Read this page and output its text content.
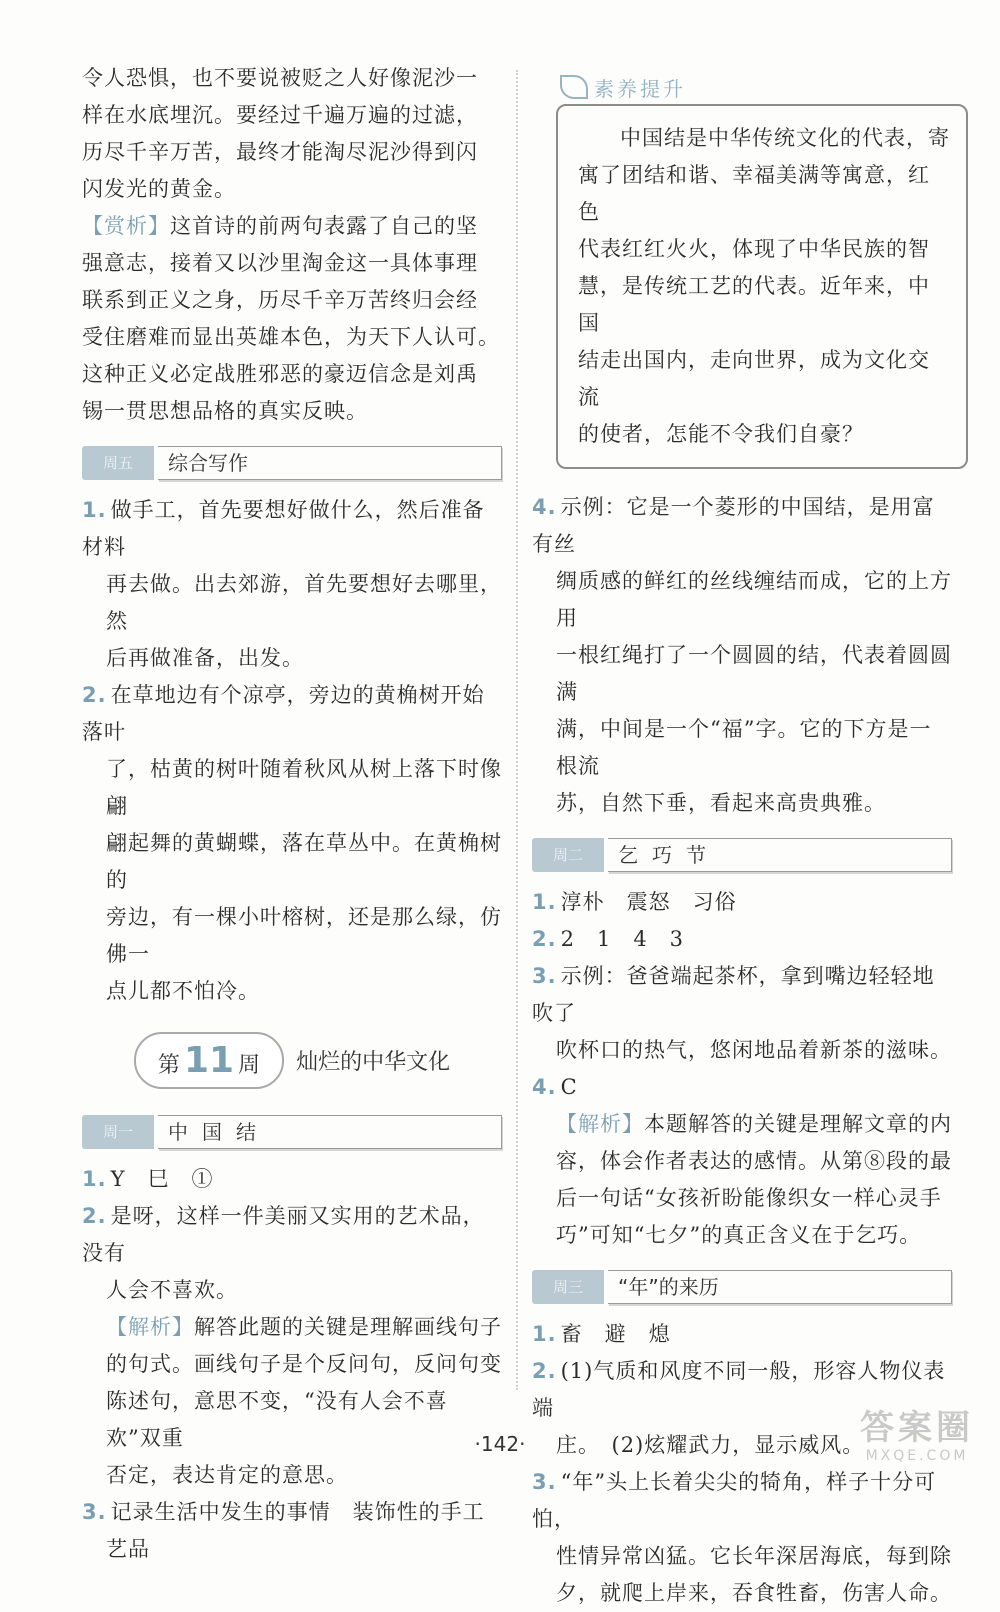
令人恐惧，也不要说被贬之人好像泥沙一

样在水底埋沉。要经过千遍万遍的过滤，

历尽千辛万苦，最终才能淘尽泥沙得到闪

闪发光的黄金。

【赏析】这首诗的前两句表露了自己的坚

强意志，接着又以沙里淘金这一具体事理

联系到正义之身，历尽千辛万苦终归会经

受住磨难而显出英雄本色，为天下人认可。

这种正义必定战胜邪恶的豪迈信念是刘禹

锡一贯思想品格的真实反映。

周五	综合写作

1. 做手工，首先要想好做什么，然后准备材料

再去做。出去郊游，首先要想好去哪里，然

后再做准备，出发。

2. 在草地边有个凉亭，旁边的黄桷树开始落叶

了，枯黄的树叶随着秋风从树上落下时像翩

翩起舞的黄蝴蝶，落在草丛中。在黄桷树的

旁边，有一棵小叶榕树，还是那么绿，仿佛一

点儿都不怕冷。

第 11 周	灿烂的中华文化
周一	中国结

1. Y　巳　①

2. 是呀，这样一件美丽又实用的艺术品，没有

人会不喜欢。

【解析】解答此题的关键是理解画线句子

的句式。画线句子是个反问句，反问句变

陈述句，意思不变，“没有人会不喜欢”双重

否定，表达肯定的意思。

3. 记录生活中发生的事情　装饰性的手工

艺品

素养提升

中国结是中华传统文化的代表，寄

寓了团结和谐、幸福美满等寓意，红色

代表红红火火，体现了中华民族的智

慧，是传统工艺的代表。近年来，中国

结走出国内，走向世界，成为文化交流

的使者，怎能不令我们自豪？

4. 示例：它是一个菱形的中国结，是用富有丝

绸质感的鲜红的丝线缠结而成，它的上方用

一根红绳打了一个圆圆的结，代表着圆圆满

满，中间是一个“福”字。它的下方是一根流

苏，自然下垂，看起来高贵典雅。

周二	乞巧节

1. 淳朴　震怒　习俗

2. 2　1　4　3

3. 示例：爸爸端起茶杯，拿到嘴边轻轻地吹了

吹杯口的热气，悠闲地品着新茶的滋味。

4. C

【解析】本题解答的关键是理解文章的内

容，体会作者表达的感情。从第⑧段的最

后一句话“女孩祈盼能像织女一样心灵手

巧”可知“七夕”的真正含义在于乞巧。

周三	“年”的来历

1. 畜　避　熄

2. (1)气质和风度不同一般，形容人物仪表端

庄。　(2)炫耀武力，显示威风。

3. “年”头上长着尖尖的犄角，样子十分可怕，

性情异常凶猛。它长年深居海底，每到除

夕，就爬上岸来，吞食牲畜，伤害人命。

·142·	答案圈
MXQE.COM
